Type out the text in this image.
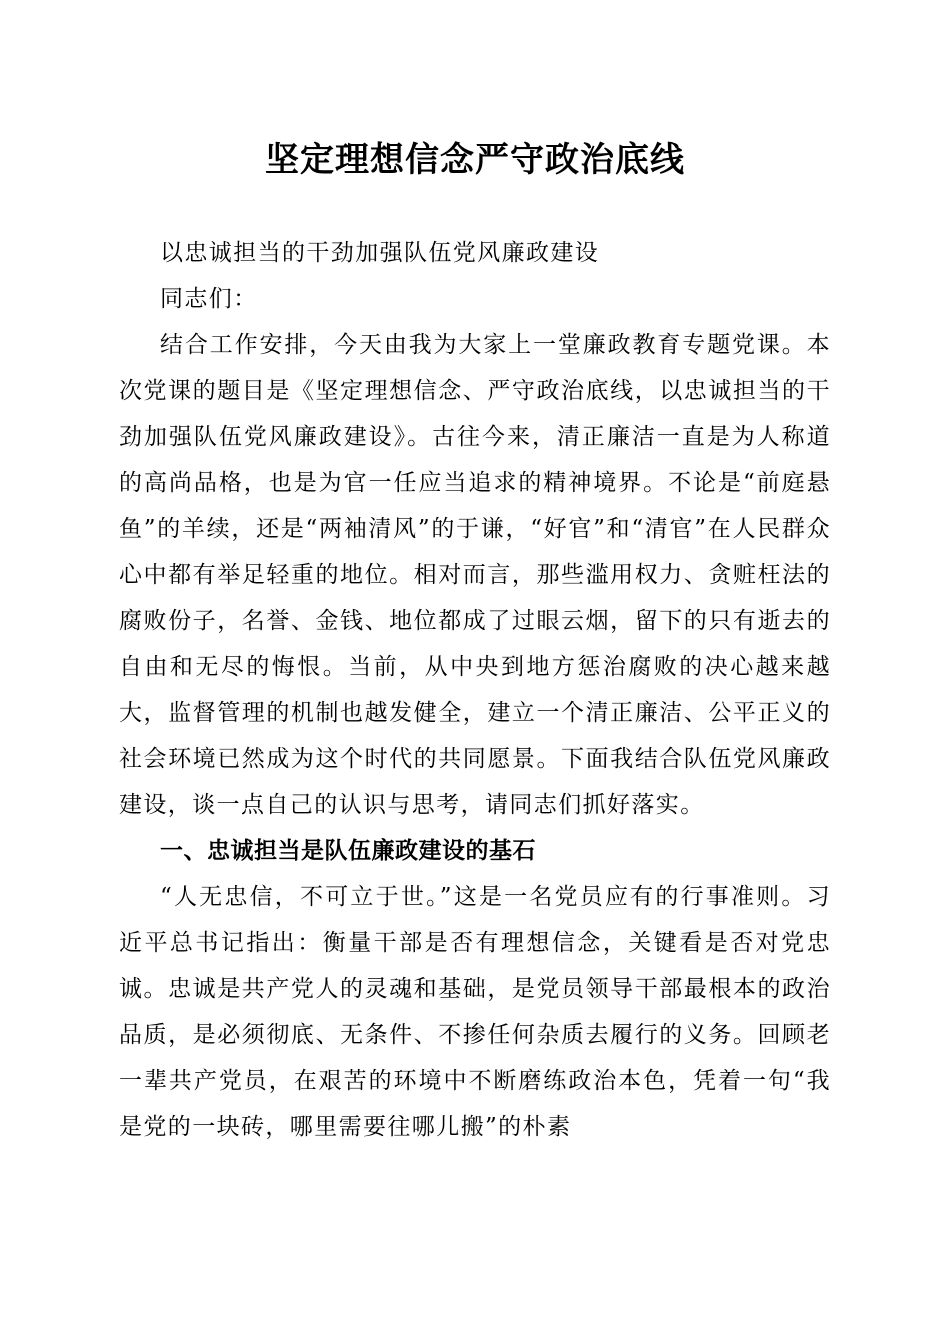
坚定理想信念严守政治底线

以忠诚担当的干劲加强队伍党风廉政建设

同志们：

结合工作安排，今天由我为大家上一堂廉政教育专题党课。本次党课的题目是《坚定理想信念、严守政治底线，以忠诚担当的干劲加强队伍党风廉政建设》。古往今来，清正廉洁一直是为人称道的高尚品格，也是为官一任应当追求的精神境界。不论是“前庭悬鱼”的羊续，还是“两袖清风”的于谦，“好官”和“清官”在人民群众心中都有举足轻重的地位。相对而言，那些滥用权力、贪赃枉法的腐败份子，名誉、金钱、地位都成了过眼云烟，留下的只有逝去的自由和无尽的悔恨。当前，从中央到地方惩治腐败的决心越来越大，监督管理的机制也越发健全，建立一个清正廉洁、公平正义的社会环境已然成为这个时代的共同愿景。下面我结合队伍党风廉政建设，谈一点自己的认识与思考，请同志们抓好落实。

一、忠诚担当是队伍廉政建设的基石

“人无忠信，不可立于世。”这是一名党员应有的行事准则。习近平总书记指出：衡量干部是否有理想信念，关键看是否对党忠诚。忠诚是共产党人的灵魂和基础，是党员领导干部最根本的政治品质，是必须彻底、无条件、不掺任何杂质去履行的义务。回顾老一辈共产党员，在艰苦的环境中不断磨练政治本色，凭着一句“我是党的一块砖，哪里需要往哪儿搬”的朴素
